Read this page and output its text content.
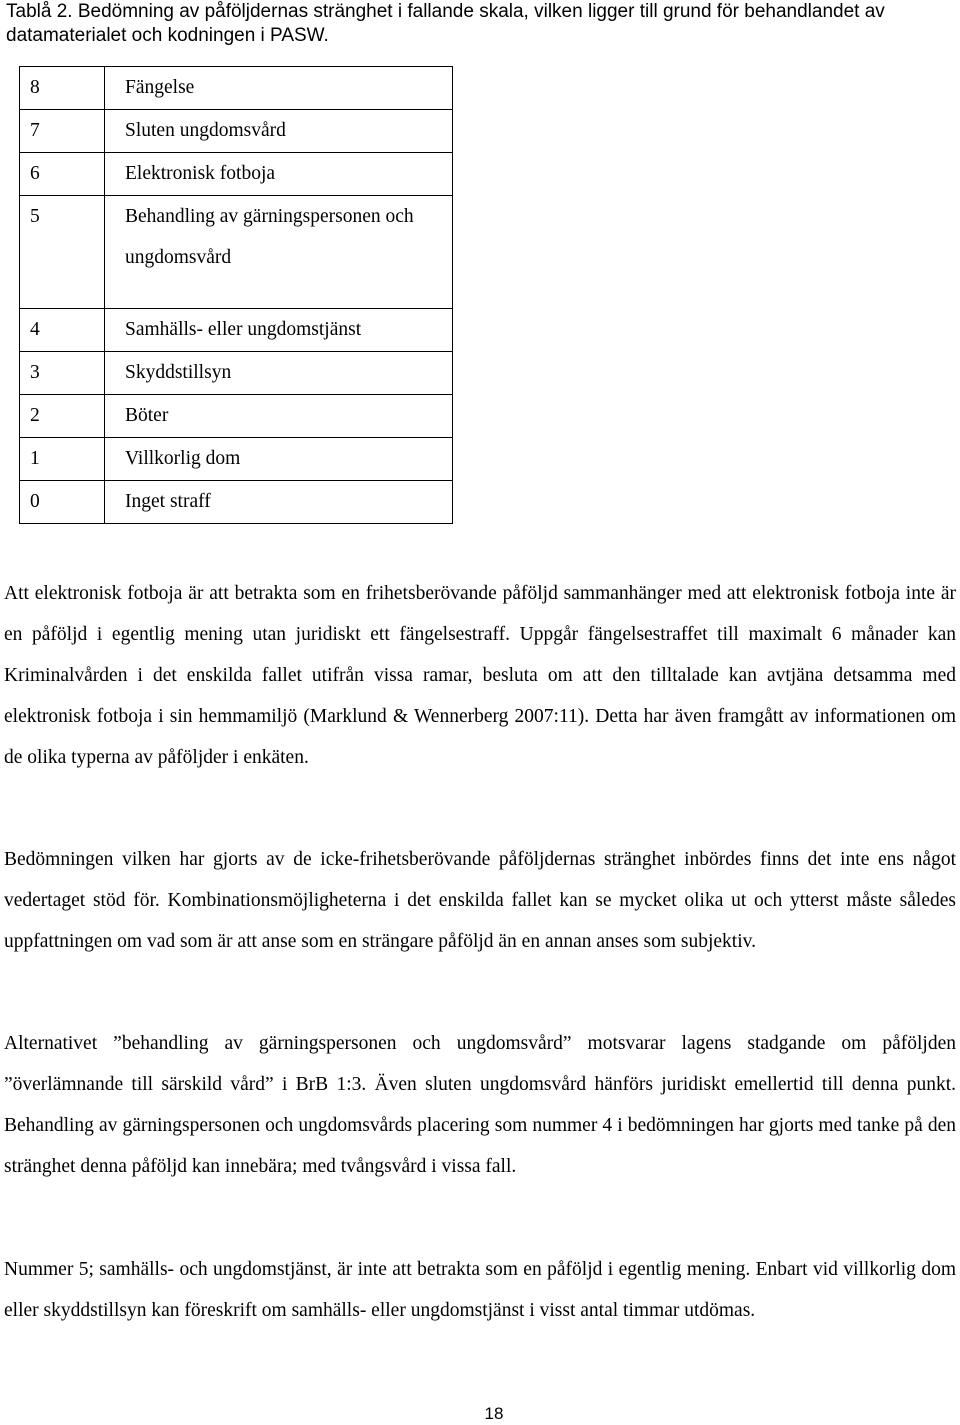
Tablå 2. Bedömning av påföljdernas stränghet i fallande skala, vilken ligger till grund för behandlandet av datamaterialet och kodningen i PASW.

8	Fängelse
7	Sluten ungdomsvård
6	Elektronisk fotboja
5	Behandling av gärningspersonen och ungdomsvård
4	Samhälls- eller ungdomstjänst
3	Skyddstillsyn
2	Böter
1	Villkorlig dom
0	Inget straff

Att elektronisk fotboja är att betrakta som en frihetsberövande påföljd sammanhänger med att elektronisk fotboja inte är en påföljd i egentlig mening utan juridiskt ett fängelsestraff. Uppgår fängelsestraffet till maximalt 6 månader kan Kriminalvården i det enskilda fallet utifrån vissa ramar, besluta om att den tilltalade kan avtjäna detsamma med elektronisk fotboja i sin hemmamiljö (Marklund & Wennerberg 2007:11). Detta har även framgått av informationen om de olika typerna av påföljder i enkäten.

Bedömningen vilken har gjorts av de icke-frihetsberövande påföljdernas stränghet inbördes finns det inte ens något vedertaget stöd för. Kombinationsmöjligheterna i det enskilda fallet kan se mycket olika ut och ytterst måste således uppfattningen om vad som är att anse som en strängare påföljd än en annan anses som subjektiv.

Alternativet ”behandling av gärningspersonen och ungdomsvård” motsvarar lagens stadgande om påföljden ”överlämnande till särskild vård” i BrB 1:3. Även sluten ungdomsvård hänförs juridiskt emellertid till denna punkt. Behandling av gärningspersonen och ungdomsvårds placering som nummer 4 i bedömningen har gjorts med tanke på den stränghet denna påföljd kan innebära; med tvångsvård i vissa fall.

Nummer 5; samhälls- och ungdomstjänst, är inte att betrakta som en påföljd i egentlig mening. Enbart vid villkorlig dom eller skyddstillsyn kan föreskrift om samhälls- eller ungdomstjänst i visst antal timmar utdömas.

18
